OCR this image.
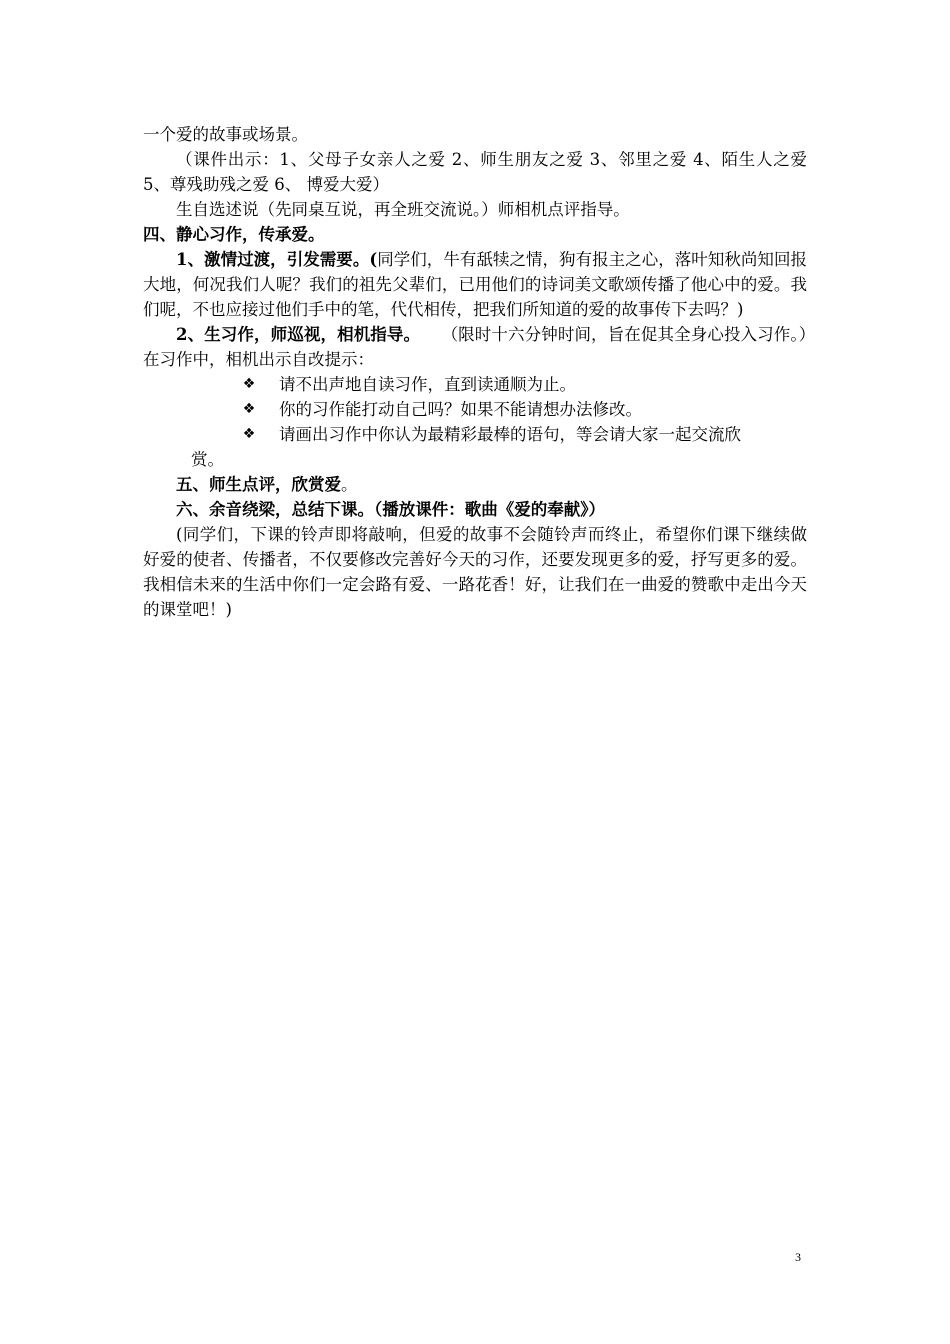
一个爱的故事或场景。

（课件出示：1、父母子女亲人之爱 2、师生朋友之爱 3、邻里之爱 4、陌生人之爱 5、尊残助残之爱 6、 博爱大爱）

生自选述说（先同桌互说，再全班交流说。）师相机点评指导。

四、静心习作，传承爱。

1、激情过渡，引发需要。(同学们，牛有舐犊之情，狗有报主之心，落叶知秋尚知回报大地，何况我们人呢？我们的祖先父辈们，已用他们的诗词美文歌颂传播了他心中的爱。我们呢，不也应接过他们手中的笔，代代相传，把我们所知道的爱的故事传下去吗？)

2、生习作，师巡视，相机指导。 （限时十六分钟时间，旨在促其全身心投入习作。）在习作中，相机出示自改提示：

❖ 请不出声地自读习作，直到读通顺为止。
❖ 你的习作能打动自己吗？如果不能请想办法修改。
❖ 请画出习作中你认为最精彩最棒的语句，等会请大家一起交流欣
赏。

五、师生点评，欣赏爱。

六、余音绕梁，总结下课。（播放课件：歌曲《爱的奉献》）

(同学们，下课的铃声即将敲响，但爱的故事不会随铃声而终止，希望你们课下继续做好爱的使者、传播者，不仅要修改完善好今天的习作，还要发现更多的爱，抒写更多的爱。我相信未来的生活中你们一定会路有爱、一路花香！好，让我们在一曲爱的赞歌中走出今天的课堂吧！)

3
